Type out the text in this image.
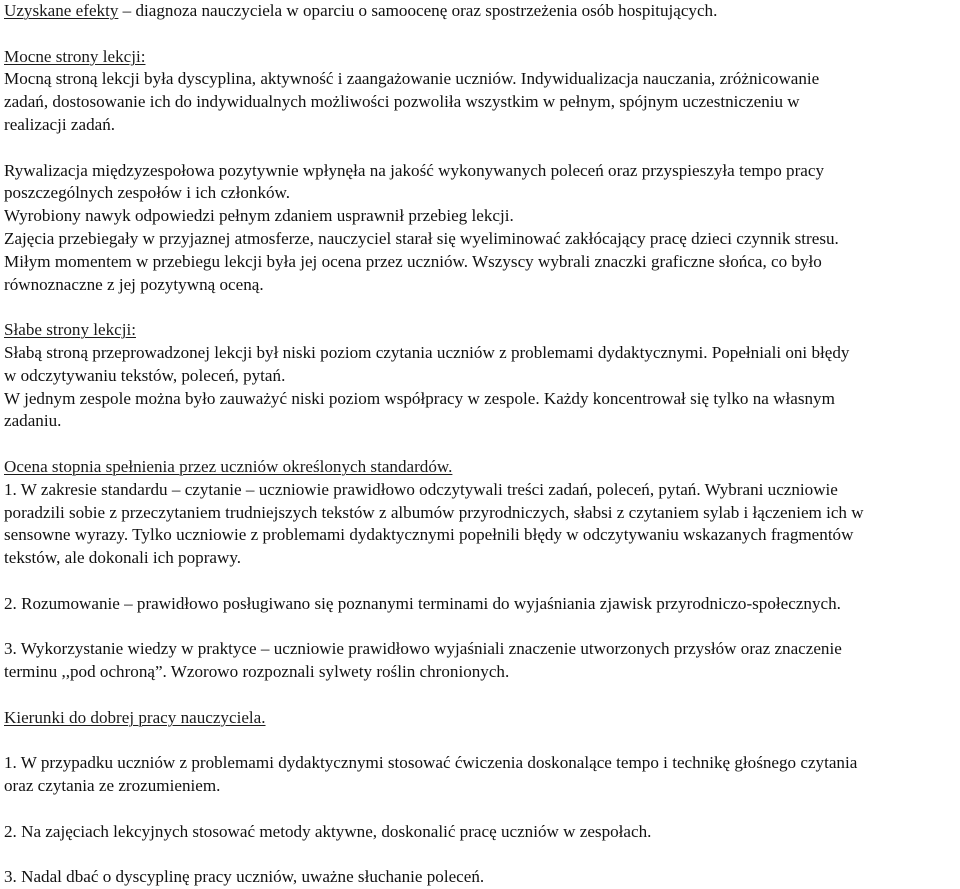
Uzyskane efekty – diagnoza nauczyciela w oparciu o samoocenę oraz spostrzeżenia osób hospitujących.
Mocne strony lekcji:
Mocną stroną lekcji była dyscyplina, aktywność i zaangażowanie uczniów. Indywidualizacja nauczania, zróżnicowanie
zadań, dostosowanie ich do indywidualnych możliwości pozwoliła wszystkim w pełnym, spójnym uczestniczeniu w
realizacji zadań.
Rywalizacja międzyzespołowa pozytywnie wpłynęła na jakość wykonywanych poleceń oraz przyspieszyła tempo pracy
poszczególnych zespołów i ich członków.
Wyrobiony nawyk odpowiedzi pełnym zdaniem usprawnił przebieg lekcji.
Zajęcia przebiegały w przyjaznej atmosferze, nauczyciel starał się wyeliminować zakłócający pracę dzieci czynnik stresu.
Miłym momentem w przebiegu lekcji była jej ocena przez uczniów. Wszyscy wybrali znaczki graficzne słońca, co było
równoznaczne z jej pozytywną oceną.
Słabe strony lekcji:
Słabą stroną przeprowadzonej lekcji był niski poziom czytania uczniów z problemami dydaktycznymi. Popełniali oni błędy
w odczytywaniu tekstów, poleceń, pytań.
W jednym zespole można było zauważyć niski poziom współpracy w zespole. Każdy koncentrował się tylko na własnym
zadaniu.
Ocena stopnia spełnienia przez uczniów określonych standardów.
1. W zakresie standardu – czytanie – uczniowie prawidłowo odczytywali treści zadań, poleceń, pytań. Wybrani uczniowie
poradzili sobie z przeczytaniem trudniejszych tekstów z albumów przyrodniczych, słabsi z czytaniem sylab i łączeniem ich w
sensowne wyrazy. Tylko uczniowie z problemami dydaktycznymi popełnili błędy w odczytywaniu wskazanych fragmentów
tekstów, ale dokonali ich poprawy.
2. Rozumowanie – prawidłowo posługiwano się poznanymi terminami do wyjaśniania zjawisk przyrodniczo-społecznych.
3. Wykorzystanie wiedzy w praktyce – uczniowie prawidłowo wyjaśniali znaczenie utworzonych przysłów oraz znaczenie
terminu ,,pod ochroną”. Wzorowo rozpoznali sylwety roślin chronionych.
Kierunki do dobrej pracy nauczyciela.
1. W przypadku uczniów z problemami dydaktycznymi stosować ćwiczenia doskonalące tempo i technikę głośnego czytania
oraz czytania ze zrozumieniem.
2. Na zajęciach lekcyjnych stosować metody aktywne, doskonalić pracę uczniów w zespołach.
3. Nadal dbać o dyscyplinę pracy uczniów, uważne słuchanie poleceń.
